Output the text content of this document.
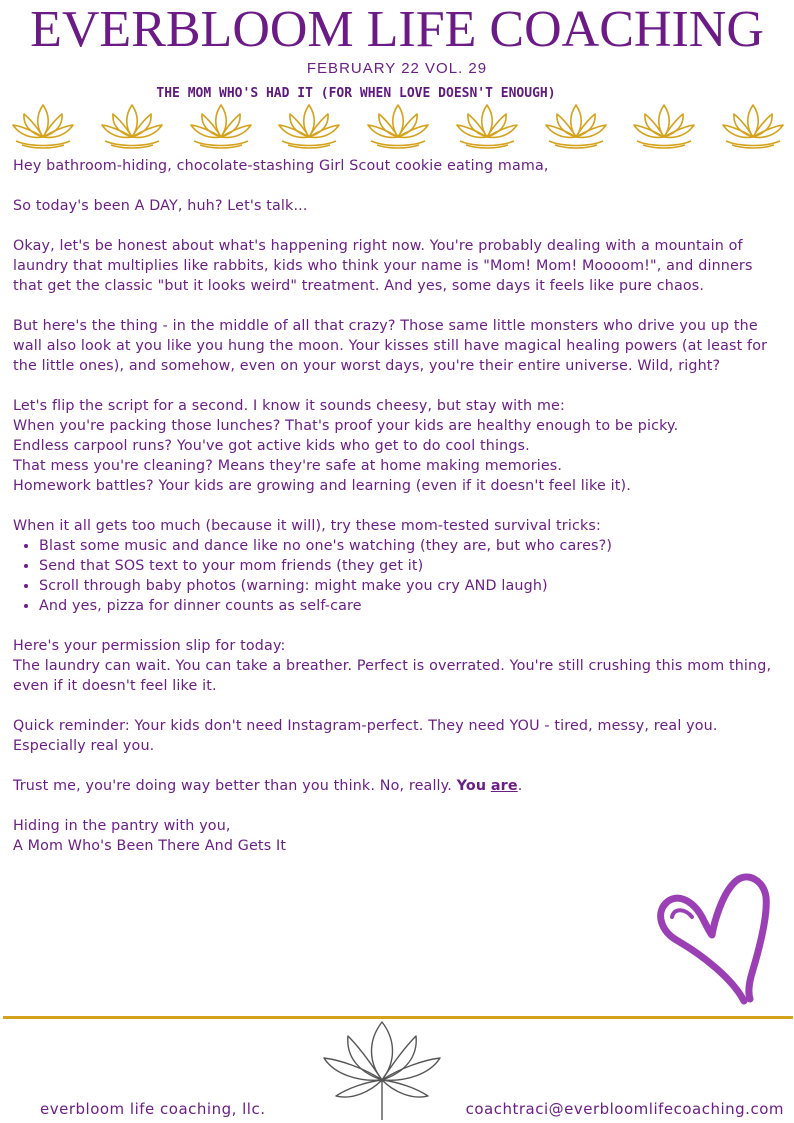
EVERBLOOM LIFE COACHING
FEBRUARY 22 VOL. 29
THE MOM WHO'S HAD IT (FOR WHEN LOVE DOESN'T ENOUGH)

Hey bathroom-hiding, chocolate-stashing Girl Scout cookie eating mama,

So today's been A DAY, huh? Let's talk...

Okay, let's be honest about what's happening right now. You're probably dealing with a mountain of laundry that multiplies like rabbits, kids who think your name is "Mom! Mom! Moooom!", and dinners that get the classic "but it looks weird" treatment. And yes, some days it feels like pure chaos.

But here's the thing - in the middle of all that crazy? Those same little monsters who drive you up the wall also look at you like you hung the moon. Your kisses still have magical healing powers (at least for the little ones), and somehow, even on your worst days, you're their entire universe. Wild, right?

Let's flip the script for a second. I know it sounds cheesy, but stay with me:
When you're packing those lunches? That's proof your kids are healthy enough to be picky.
Endless carpool runs? You've got active kids who get to do cool things.
That mess you're cleaning? Means they're safe at home making memories.
Homework battles? Your kids are growing and learning (even if it doesn't feel like it).

When it all gets too much (because it will), try these mom-tested survival tricks:
• Blast some music and dance like no one's watching (they are, but who cares?)
• Send that SOS text to your mom friends (they get it)
• Scroll through baby photos (warning: might make you cry AND laugh)
• And yes, pizza for dinner counts as self-care

Here's your permission slip for today:
The laundry can wait. You can take a breather. Perfect is overrated. You're still crushing this mom thing, even if it doesn't feel like it.

Quick reminder: Your kids don't need Instagram-perfect. They need YOU - tired, messy, real you. Especially real you.

Trust me, you're doing way better than you think. No, really. You are.

Hiding in the pantry with you,
A Mom Who's Been There And Gets It

everbloom life coaching, llc.	coachtraci@everbloomlifecoaching.com
